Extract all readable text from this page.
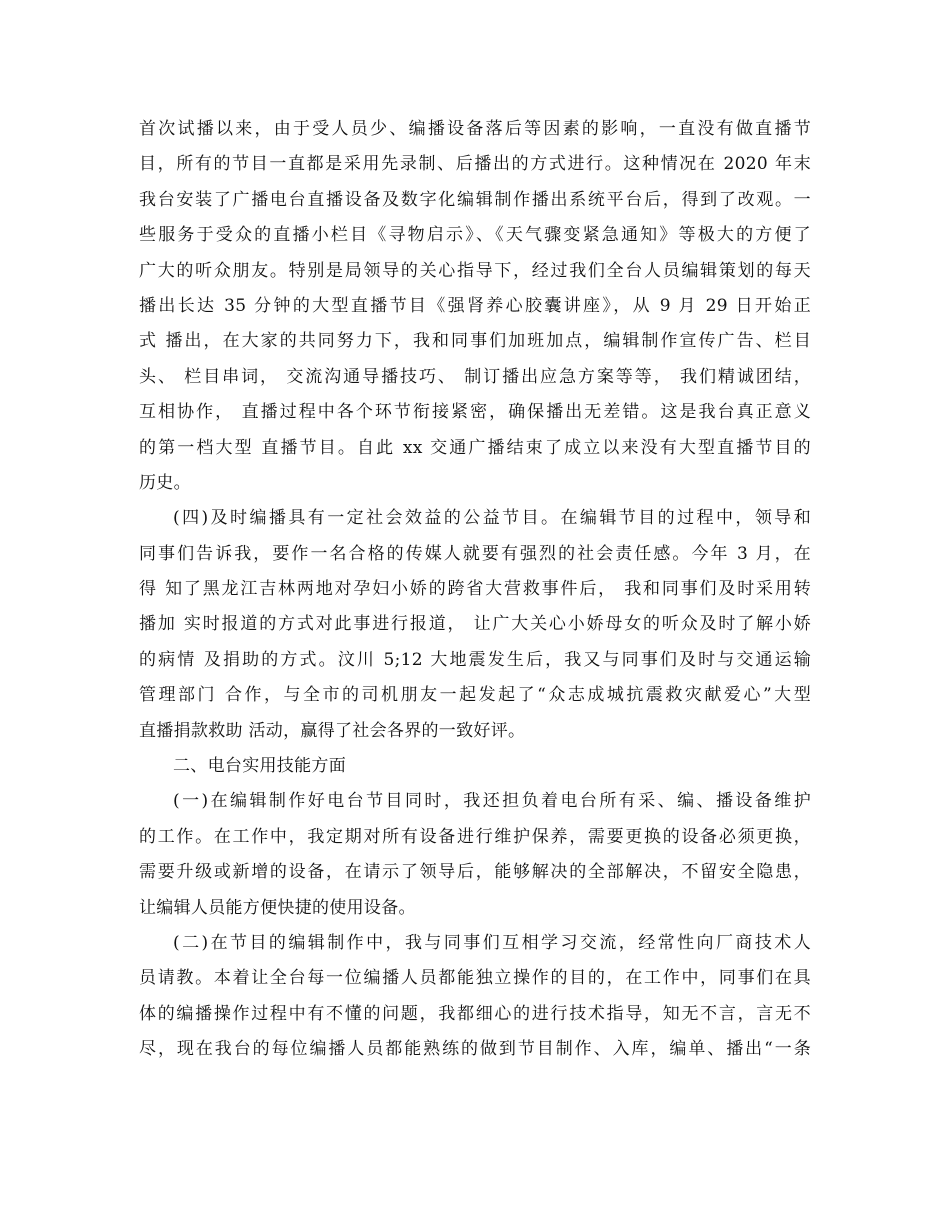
首次试播以来，由于受人员少、编播设备落后等因素的影响，一直没有做直播节
目，所有的节目一直都是采用先录制、后播出的方式进行。这种情况在 2020 年末
我台安装了广播电台直播设备及数字化编辑制作播出系统平台后，得到了改观。一
些服务于受众的直播小栏目《寻物启示》、《天气骤变紧急通知》等极大的方便了
广大的听众朋友。特别是局领导的关心指导下，经过我们全台人员编辑策划的每天
播出长达 35 分钟的大型直播节目《强肾养心胶囊讲座》，从 9 月 29 日开始正
式 播出，在大家的共同努力下，我和同事们加班加点，编辑制作宣传广告、栏目
头、 栏目串词， 交流沟通导播技巧、 制订播出应急方案等等， 我们精诚团结，
互相协作， 直播过程中各个环节衔接紧密，确保播出无差错。这是我台真正意义
的第一档大型 直播节目。自此 xx 交通广播结束了成立以来没有大型直播节目的
历史。
(四)及时编播具有一定社会效益的公益节目。在编辑节目的过程中，领导和
同事们告诉我，要作一名合格的传媒人就要有强烈的社会责任感。今年 3 月，在
得 知了黑龙江吉林两地对孕妇小娇的跨省大营救事件后， 我和同事们及时采用转
播加 实时报道的方式对此事进行报道， 让广大关心小娇母女的听众及时了解小娇
的病情 及捐助的方式。汶川 5;12 大地震发生后，我又与同事们及时与交通运输
管理部门 合作，与全市的司机朋友一起发起了“众志成城抗震救灾献爱心”大型
直播捐款救助 活动，赢得了社会各界的一致好评。
二、电台实用技能方面
(一)在编辑制作好电台节目同时，我还担负着电台所有采、编、播设备维护
的工作。在工作中，我定期对所有设备进行维护保养，需要更换的设备必须更换，
需要升级或新增的设备，在请示了领导后，能够解决的全部解决，不留安全隐患，
让编辑人员能方便快捷的使用设备。
(二)在节目的编辑制作中，我与同事们互相学习交流，经常性向厂商技术人
员请教。本着让全台每一位编播人员都能独立操作的目的，在工作中，同事们在具
体的编播操作过程中有不懂的问题，我都细心的进行技术指导，知无不言，言无不
尽，现在我台的每位编播人员都能熟练的做到节目制作、入库，编单、播出“一条
